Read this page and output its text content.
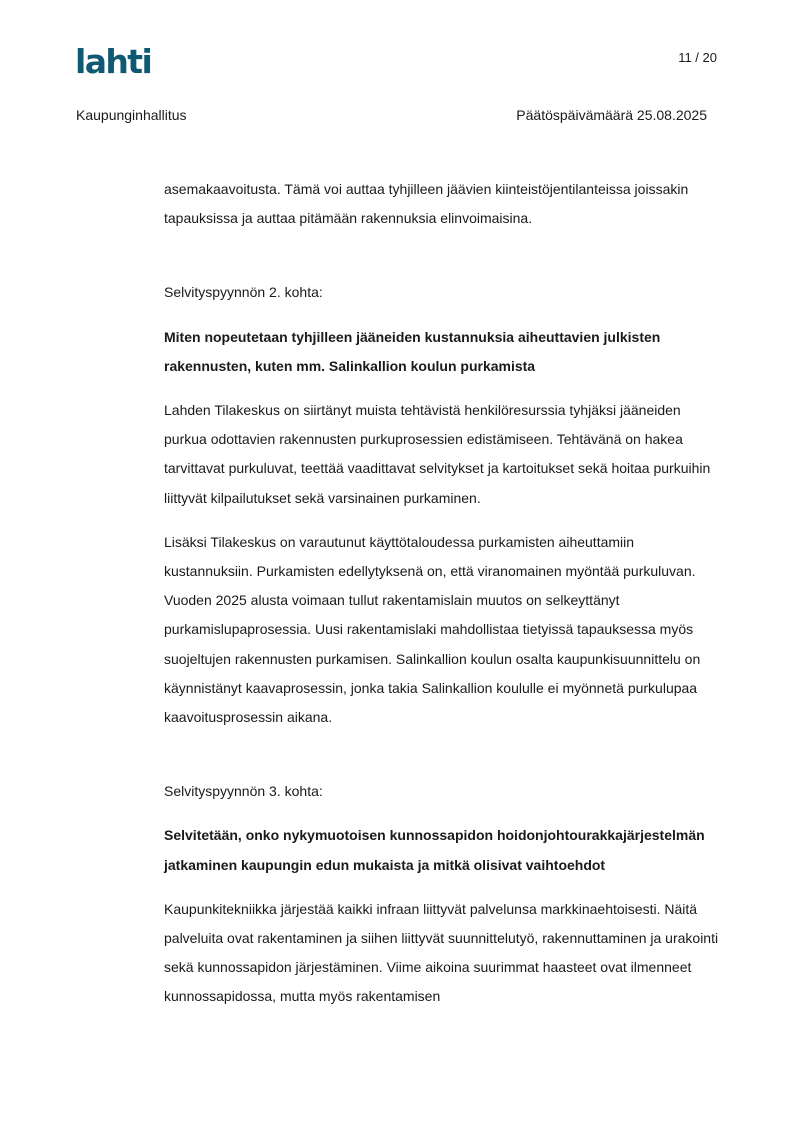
lahti	11 / 20
Kaupunginhallitus	Päätöspäivämäärä 25.08.2025

asemakaavoitusta. Tämä voi auttaa tyhjilleen jäävien kiinteistöjentilanteissa joissakin tapauksissa ja auttaa pitämään rakennuksia elinvoimaisina.

Selvityspyynnön 2. kohta:

Miten nopeutetaan tyhjilleen jääneiden kustannuksia aiheuttavien julkisten rakennusten, kuten mm. Salinkallion koulun purkamista

Lahden Tilakeskus on siirtänyt muista tehtävistä henkilöresurssia tyhjäksi jääneiden purkua odottavien rakennusten purkuprosessien edistämiseen. Tehtävänä on hakea tarvittavat purkuluvat, teettää vaadittavat selvitykset ja kartoitukset sekä hoitaa purkuihin liittyvät kilpailutukset sekä varsinainen purkaminen.

Lisäksi Tilakeskus on varautunut käyttötaloudessa purkamisten aiheuttamiin kustannuksiin. Purkamisten edellytyksenä on, että viranomainen myöntää purkuluvan. Vuoden 2025 alusta voimaan tullut rakentamislain muutos on selkeyttänyt purkamislupaprosessia. Uusi rakentamislaki mahdollistaa tietyissä tapauksessa myös suojeltujen rakennusten purkamisen. Salinkallion koulun osalta kaupunkisuunnittelu on käynnistänyt kaavaprosessin, jonka takia Salinkallion koululle ei myönnetä purkulupaa kaavoitusprosessin aikana.

Selvityspyynnön 3. kohta:

Selvitetään, onko nykymuotoisen kunnossapidon hoidonjohtourakkajärjestelmän jatkaminen kaupungin edun mukaista ja mitkä olisivat vaihtoehdot

Kaupunkitekniikka järjestää kaikki infraan liittyvät palvelunsa markkinaehtoisesti. Näitä palveluita ovat rakentaminen ja siihen liittyvät suunnittelutyö, rakennuttaminen ja urakointi sekä kunnossapidon järjestäminen. Viime aikoina suurimmat haasteet ovat ilmenneet kunnossapidossa, mutta myös rakentamisen
